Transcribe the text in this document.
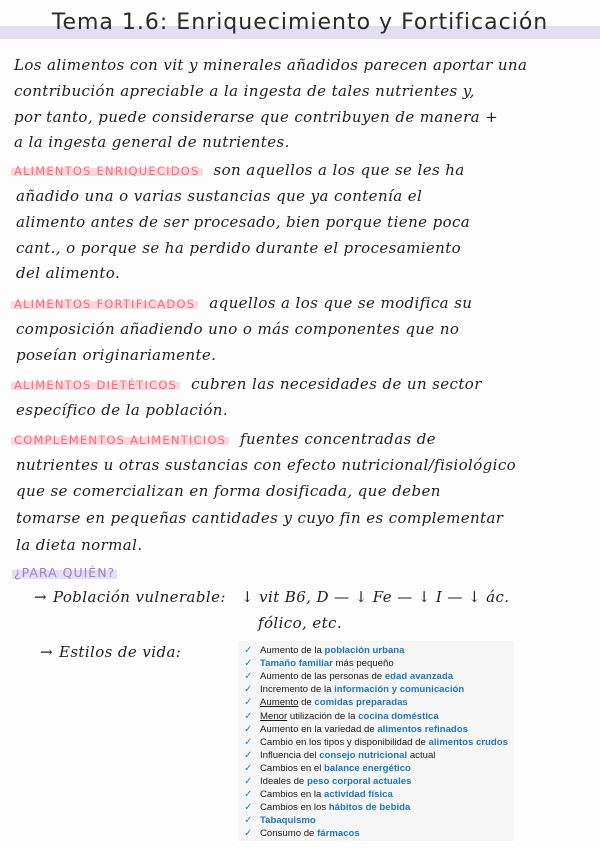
Tema 1.6: Enriquecimiento y Fortificación
Los alimentos con vit y minerales añadidos parecen aportar una
contribución apreciable a la ingesta de tales nutrientes y,
por tanto, puede considerarse que contribuyen de manera +
a la ingesta general de nutrientes.
ALIMENTOS ENRIQUECIDOS son aquellos a los que se les ha
añadido una o varias sustancias que ya contenía el
alimento antes de ser procesado, bien porque tiene poca
cant., o porque se ha perdido durante el procesamiento
del alimento.
ALIMENTOS FORTIFICADOS aquellos a los que se modifica su
composición añadiendo uno o más componentes que no
poseían originariamente.
ALIMENTOS DIETÉTICOS cubren las necesidades de un sector
específico de la población.
COMPLEMENTOS ALIMENTICIOS fuentes concentradas de
nutrientes u otras sustancias con efecto nutricional/fisiológico
que se comercializan en forma dosificada, que deben
tomarse en pequeñas cantidades y cuyo fin es complementar
la dieta normal.
¿PARA QUIÉN?
→ Población vulnerable: ↓ vit B6, D — ↓ Fe — ↓ I — ↓ ác.
fólico, etc.
→ Estilos de vida:	✓ Aumento de la población urbana
✓ Tamaño familiar más pequeño
✓ Aumento de las personas de edad avanzada
✓ Incremento de la información y comunicación
✓ Aumento de comidas preparadas
✓ Menor utilización de la cocina doméstica
✓ Aumento en la variedad de alimentos refinados
✓ Cambio en los tipos y disponibilidad de alimentos crudos
✓ Influencia del consejo nutricional actual
✓ Cambios en el balance energético
✓ Ideales de peso corporal actuales
✓ Cambios en la actividad física
✓ Cambios en los hábitos de bebida
✓ Tabaquismo
✓ Consumo de fármacos
